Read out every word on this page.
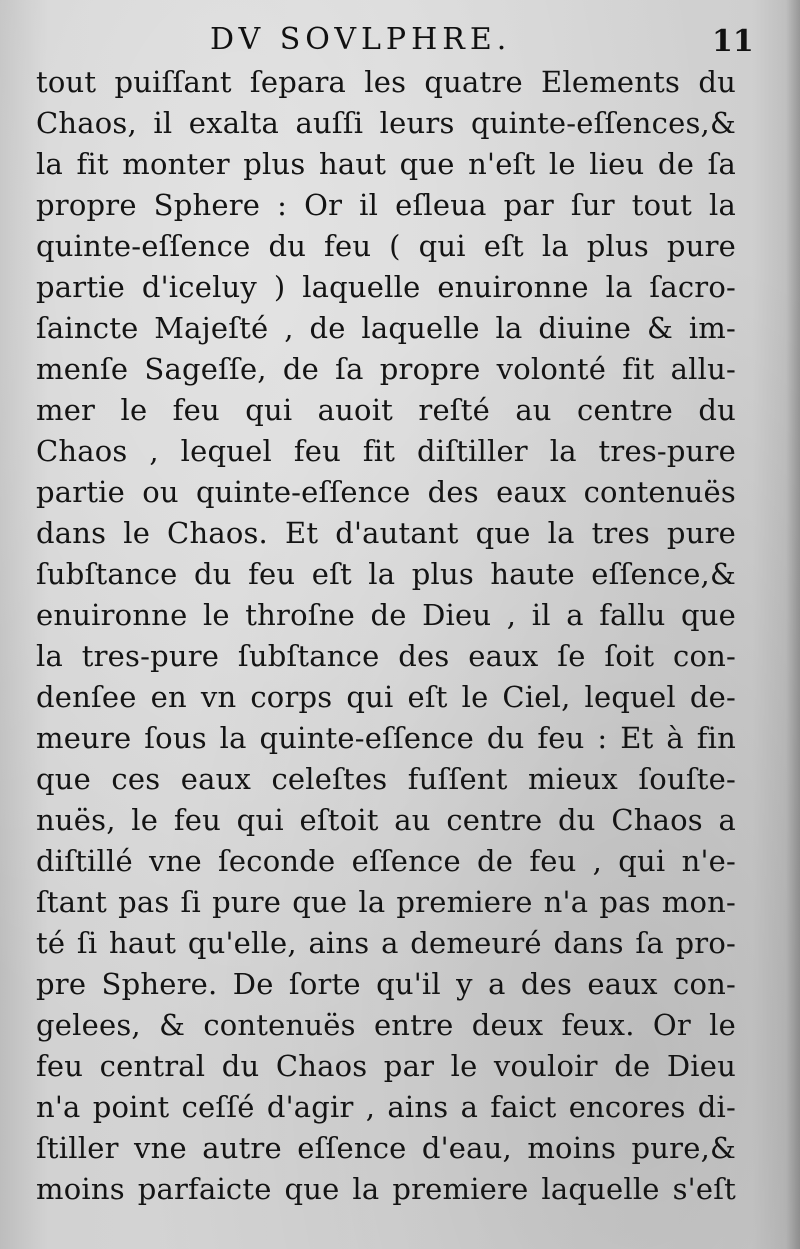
DV SOVLPHRE.	11
tout puiſſant ſepara les quatre Elements du
Chaos, il exalta auſſi leurs quinte-eſſences,&
la fit monter plus haut que n'eſt le lieu de ſa
propre Sphere : Or il eſleua par ſur tout la
quinte-eſſence du feu ( qui eſt la plus pure
partie d'iceluy ) laquelle enuironne la ſacro-
ſaincte Majeſté , de laquelle la diuine & im-
menſe Sageſſe, de ſa propre volonté fit allu-
mer le feu qui auoit reſté au centre du
Chaos , lequel feu fit diſtiller la tres-pure
partie ou quinte-eſſence des eaux contenuës
dans le Chaos. Et d'autant que la tres pure
ſubſtance du feu eſt la plus haute eſſence,&
enuironne le throſne de Dieu , il a fallu que
la tres-pure ſubſtance des eaux ſe ſoit con-
denſee en vn corps qui eſt le Ciel, lequel de-
meure ſous la quinte-eſſence du feu : Et à fin
que ces eaux celeſtes fuſſent mieux ſouſte-
nuës, le feu qui eſtoit au centre du Chaos a
diſtillé vne ſeconde eſſence de feu , qui n'e-
ſtant pas ſi pure que la premiere n'a pas mon-
té ſi haut qu'elle, ains a demeuré dans ſa pro-
pre Sphere. De ſorte qu'il y a des eaux con-
gelees, & contenuës entre deux feux. Or le
feu central du Chaos par le vouloir de Dieu
n'a point ceſſé d'agir , ains a faict encores di-
ſtiller vne autre eſſence d'eau, moins pure,&
moins parfaicte que la premiere laquelle s'eſt
